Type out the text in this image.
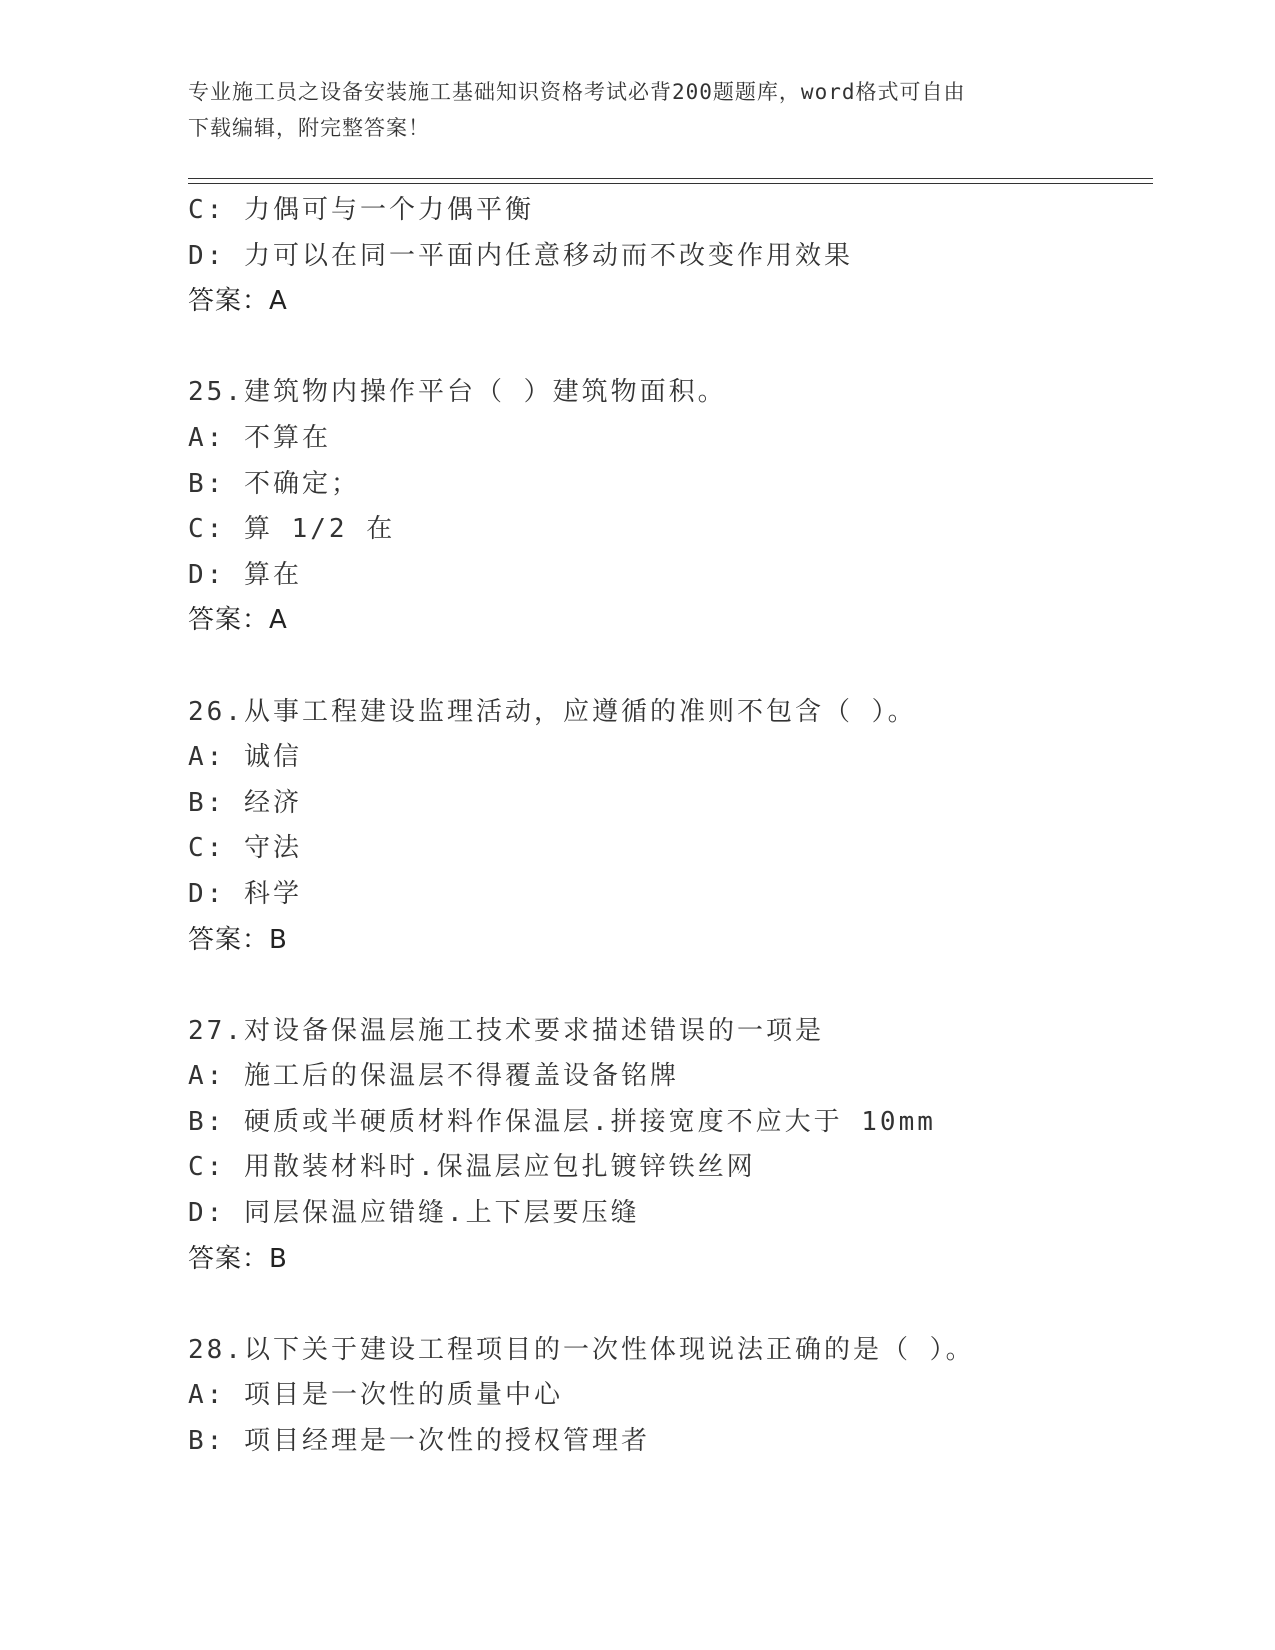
专业施工员之设备安装施工基础知识资格考试必背200题题库，word格式可自由
下载编辑，附完整答案！
C: 力偶可与一个力偶平衡
D: 力可以在同一平面内任意移动而不改变作用效果
答案：A
25.建筑物内操作平台（ ）建筑物面积。
A: 不算在
B: 不确定；
C: 算 1/2 在
D: 算在
答案：A
26.从事工程建设监理活动，应遵循的准则不包含（ ）。
A: 诚信
B: 经济
C: 守法
D: 科学
答案：B
27.对设备保温层施工技术要求描述错误的一项是
A: 施工后的保温层不得覆盖设备铭牌
B: 硬质或半硬质材料作保温层.拼接宽度不应大于 10mm
C: 用散装材料时.保温层应包扎镀锌铁丝网
D: 同层保温应错缝.上下层要压缝
答案：B
28.以下关于建设工程项目的一次性体现说法正确的是（ ）。
A: 项目是一次性的质量中心
B: 项目经理是一次性的授权管理者
